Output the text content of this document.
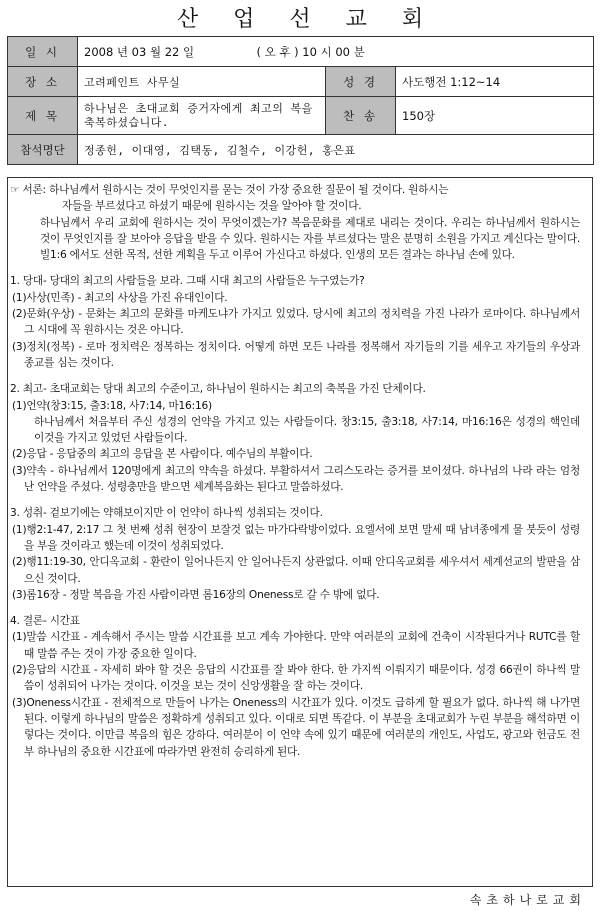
산 업 선 교 회
일 시	2008 년 03 월 22 일 ( 오 후 ) 10 시 00 분		
장 소	고려페인트 사무실	성 경	사도행전 1:12~14
제 목	하나님은 초대교회 증거자에게 최고의 복을 축복하셨습니다.	찬 송	150장
참석명단	정종헌, 이대영, 김택동, 김철수, 이강헌, 홍은표		

☞ 서론: 하나님께서 원하시는 것이 무엇인지를 묻는 것이 가장 중요한 질문이 될 것이다. 원하시는

자들을 부르셨다고 하셨기 때문에 원하시는 것을 알아야 할 것이다.

하나님께서 우리 교회에 원하시는 것이 무엇이겠는가? 복음문화를 제대로 내리는 것이다. 우리는 하나님께서 원하시는 것이 무엇인지를 잘 보아야 응답을 받을 수 있다. 원하시는 자를 부르셨다는 말은 분명히 소원을 가지고 계신다는 말이다. 빌1:6 에서도 선한 목적, 선한 계획을 두고 이루어 가신다고 하셨다. 인생의 모든 결과는 하나님 손에 있다.

1. 당대- 당대의 최고의 사람들을 보라. 그때 시대 최고의 사람들은 누구였는가?

(1)사상(민족) - 최고의 사상을 가진 유대인이다.

(2)문화(우상) - 문화는 최고의 문화를 마케도냐가 가지고 있었다. 당시에 최고의 정치력을 가진 나라가 로마이다. 하나님께서 그 시대에 꼭 원하시는 것은 아니다.

(3)정치(정복) - 로마 정치력은 정복하는 정치이다. 어떻게 하면 모든 나라를 정복해서 자기들의 기를 세우고 자기들의 우상과 종교를 심는 것이다.

2. 최고- 초대교회는 당대 최고의 수준이고, 하나님이 원하시는 최고의 축복을 가진 단체이다.

(1)언약(창3:15, 출3:18, 사7:14, 마16:16)

하나님께서 처음부터 주신 성경의 언약을 가지고 있는 사람들이다. 창3:15, 출3:18, 사7:14, 마16:16은 성경의 핵인데 이것을 가지고 있었던 사람들이다.

(2)응답 - 응답중의 최고의 응답을 본 사람이다. 예수님의 부활이다.

(3)약속 - 하나님께서 120명에게 최고의 약속을 하셨다. 부활하셔서 그리스도라는 증거를 보이셨다. 하나님의 나라 라는 엄청난 언약을 주셨다. 성령충만을 받으면 세계복음화는 된다고 말씀하셨다.

3. 성취- 겉보기에는 약해보이지만 이 언약이 하나씩 성취되는 것이다.

(1)행2:1-47, 2:17 그 첫 번째 성취 현장이 보잘것 없는 마가다락방이었다. 요엘서에 보면 말세 때 남녀종에게 물 붓듯이 성령을 부을 것이라고 했는데 이것이 성취되었다.

(2)행11:19-30, 안디옥교회 - 환란이 일어나든지 안 일어나든지 상관없다. 이때 안디옥교회를 세우셔서 세계선교의 발판을 삼으신 것이다.

(3)롬16장 - 정말 복음을 가진 사람이라면 롬16장의 Oneness로 갈 수 밖에 없다.

4. 결론- 시간표

(1)말씀 시간표 - 계속해서 주시는 말씀 시간표를 보고 계속 가야한다. 만약 여러분의 교회에 건축이 시작된다거나 RUTC를 할 때 말씀 주는 것이 가장 중요한 일이다.

(2)응답의 시간표 - 자세히 봐야 할 것은 응답의 시간표를 잘 봐야 한다. 한 가지씩 이뤄지기 때문이다. 성경 66권이 하나씩 말씀이 성취되어 나가는 것이다. 이것을 보는 것이 신앙생활을 잘 하는 것이다.

(3)Oneness시간표 - 전체적으로 만들어 나가는 Oneness의 시간표가 있다. 이것도 급하게 할 필요가 없다. 하나씩 해 나가면 된다. 이렇게 하나님의 말씀은 정확하게 성취되고 있다. 이대로 되면 똑같다. 이 부분을 초대교회가 누린 부분을 해석하면 이렇다는 것이다. 이만큼 복음의 힘은 강하다. 여러분이 이 언약 속에 있기 때문에 여러분의 개인도, 사업도, 광고와 헌금도 전부 하나님의 중요한 시간표에 따라가면 완전히 승리하게 된다.

속초하나로교회
